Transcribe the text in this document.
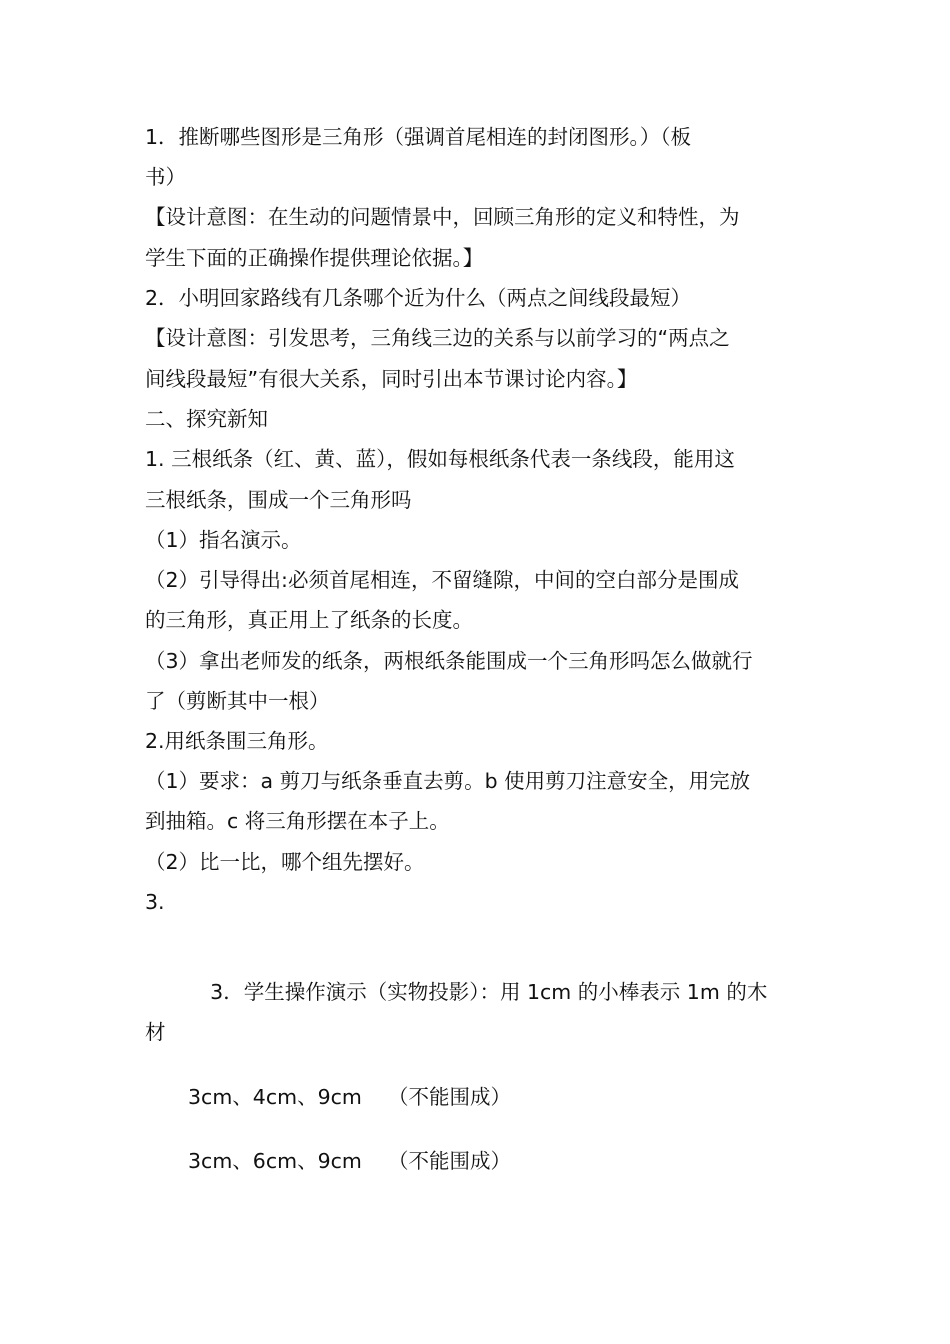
1．推断哪些图形是三角形（强调首尾相连的封闭图形。）（板
书）
【设计意图：在生动的问题情景中，回顾三角形的定义和特性，为
学生下面的正确操作提供理论依据。】
2．小明回家路线有几条哪个近为什么（两点之间线段最短）
【设计意图：引发思考，三角线三边的关系与以前学习的“两点之
间线段最短”有很大关系，同时引出本节课讨论内容。】
二、探究新知
1. 三根纸条（红、黄、蓝），假如每根纸条代表一条线段，能用这
三根纸条，围成一个三角形吗
（1）指名演示。
（2）引导得出:必须首尾相连，不留缝隙，中间的空白部分是围成
的三角形，真正用上了纸条的长度。
（3）拿出老师发的纸条，两根纸条能围成一个三角形吗怎么做就行
了（剪断其中一根）
2.用纸条围三角形。
（1）要求：a 剪刀与纸条垂直去剪。b 使用剪刀注意安全，用完放
到抽箱。c 将三角形摆在本子上。
（2）比一比，哪个组先摆好。
3.
3．学生操作演示（实物投影）：用 1cm 的小棒表示 1m 的木
材
3cm、4cm、9cm （不能围成）
3cm、6cm、9cm （不能围成）
